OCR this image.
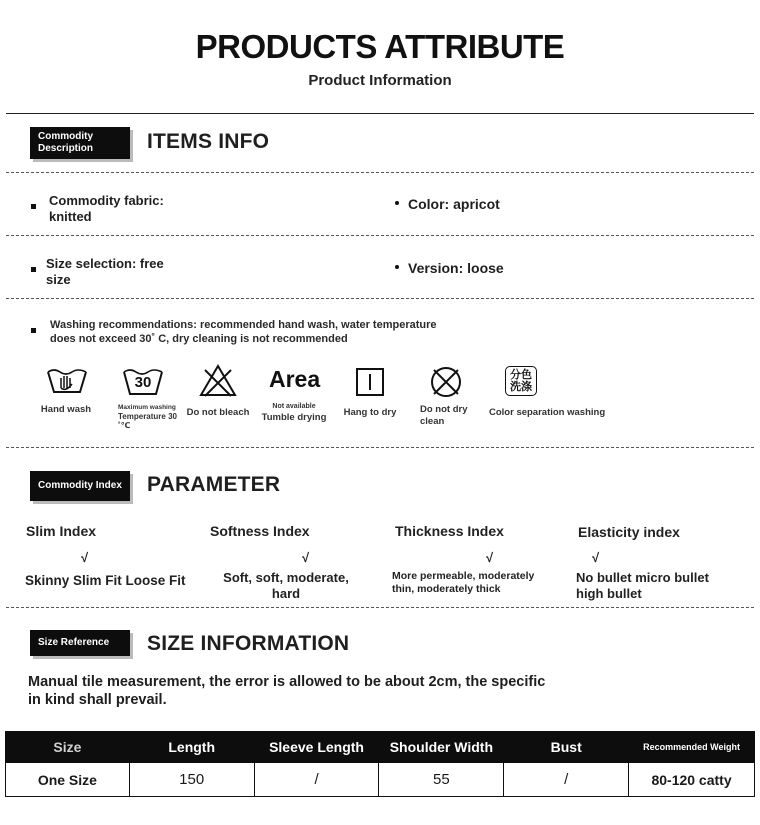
PRODUCTS ATTRIBUTE
Product Information
Commodity
Description	ITEMS INFO
Commodity fabric:
knitted
Color: apricot
Size selection: free
size
Version: loose
Washing recommendations: recommended hand wash, water temperature
does not exceed 30˚ C, dry cleaning is not recommended
Hand wash
30
Maximum washing
Temperature 30
˚℃
Do not bleach
Area
Not available
Tumble drying	Hang to dry	Do not dry
clean
分色
洗涤
Color separation washing
Commodity Index	PARAMETER
Slim Index
√
Skinny Slim Fit Loose Fit
Softness Index
√
Soft, soft, moderate,
hard
Thickness Index
√
More permeable, moderately
thin, moderately thick
Elasticity index
√
No bullet micro bullet
high bullet
Size Reference	SIZE INFORMATION
Manual tile measurement, the error is allowed to be about 2cm, the specific
in kind shall prevail.
Size	Length	Sleeve Length	Shoulder Width	Bust	Recommended Weight
One Size	150	/	55	/	80-120 catty
